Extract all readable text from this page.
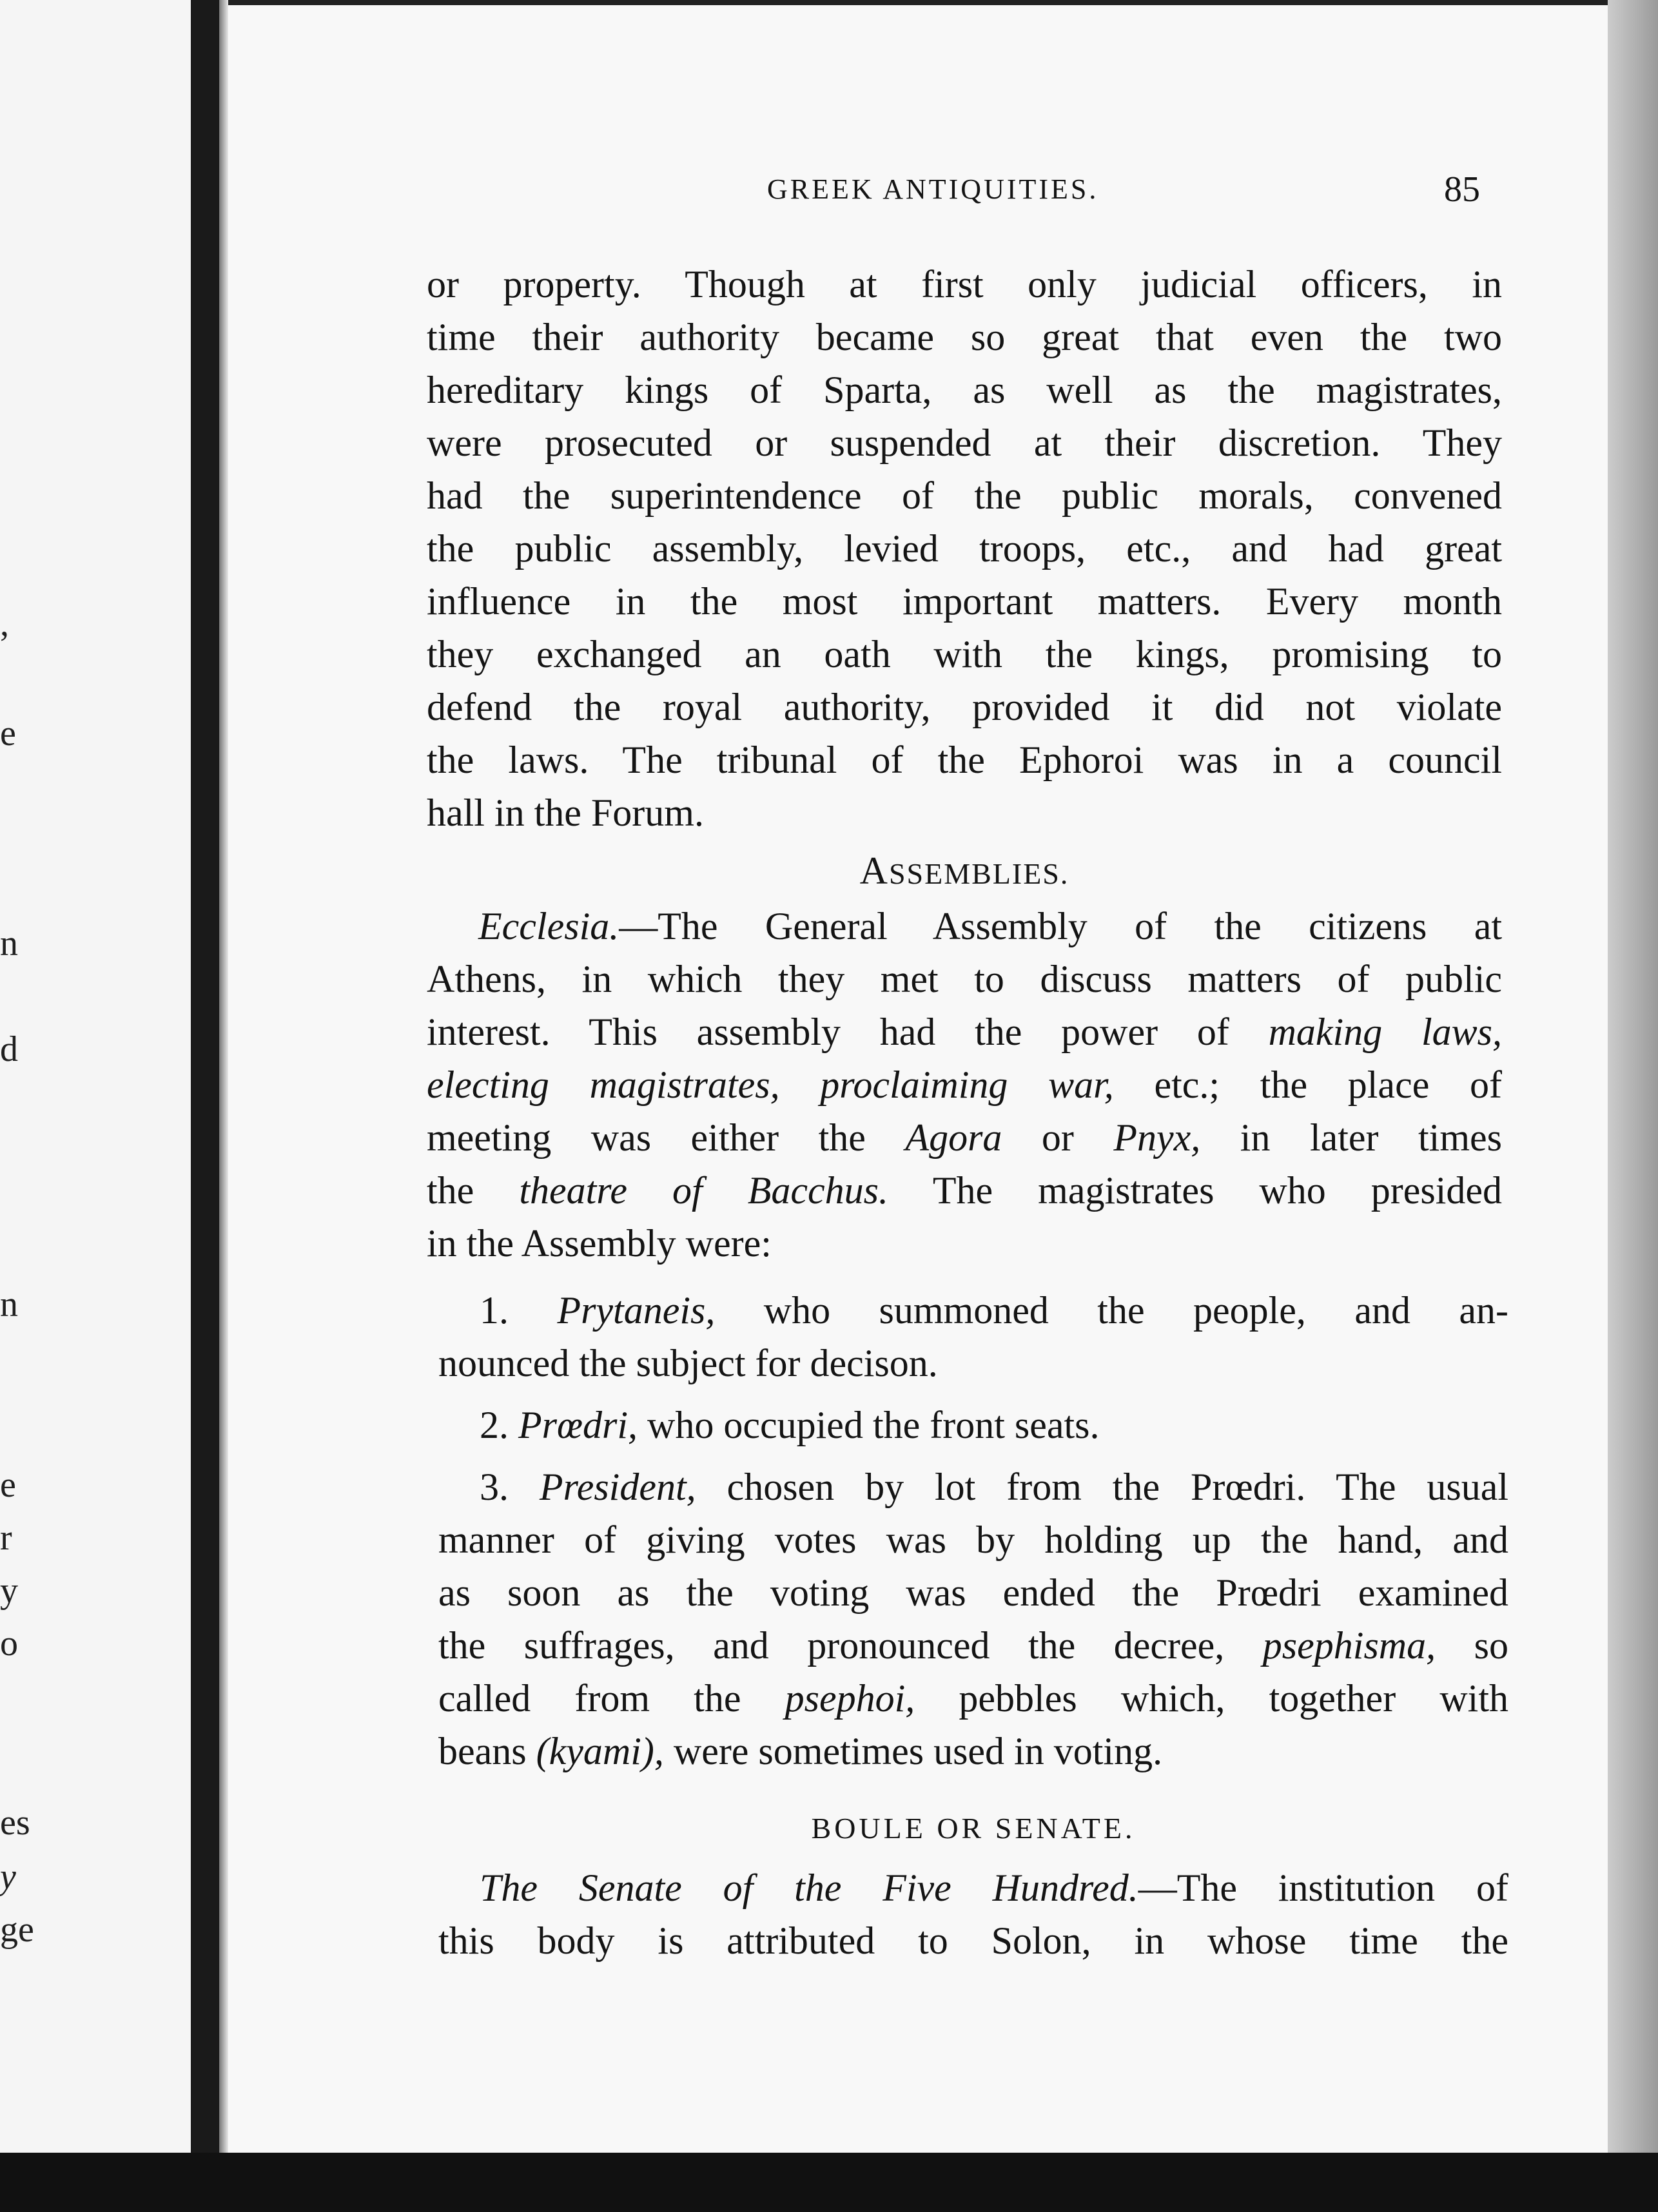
,
e
n
d
n
e
r
y
o
es
y
ge
GREEK ANTIQUITIES.	85
or property. Though at first only judicial officers, in
time their authority became so great that even the two
hereditary kings of Sparta, as well as the magistrates,
were prosecuted or suspended at their discretion. They
had the superintendence of the public morals, convened
the public assembly, levied troops, etc., and had great
influence in the most important matters. Every month
they exchanged an oath with the kings, promising to
defend the royal authority, provided it did not violate
the laws. The tribunal of the Ephoroi was in a council
hall in the Forum.
ASSEMBLIES.
Ecclesia.—The General Assembly of the citizens at
Athens, in which they met to discuss matters of public
interest. This assembly had the power of making laws,
electing magistrates, proclaiming war, etc.; the place of
meeting was either the Agora or Pnyx, in later times
the theatre of Bacchus. The magistrates who presided
in the Assembly were:
1. Prytaneis, who summoned the people, and an-
nounced the subject for decison.
2. Prœdri, who occupied the front seats.
3. President, chosen by lot from the Prœdri. The usual
manner of giving votes was by holding up the hand, and
as soon as the voting was ended the Prœdri examined
the suffrages, and pronounced the decree, psephisma, so
called from the psephoi, pebbles which, together with
beans (kyami), were sometimes used in voting.
BOULE OR SENATE.
The Senate of the Five Hundred.—The institution of
this body is attributed to Solon, in whose time the
